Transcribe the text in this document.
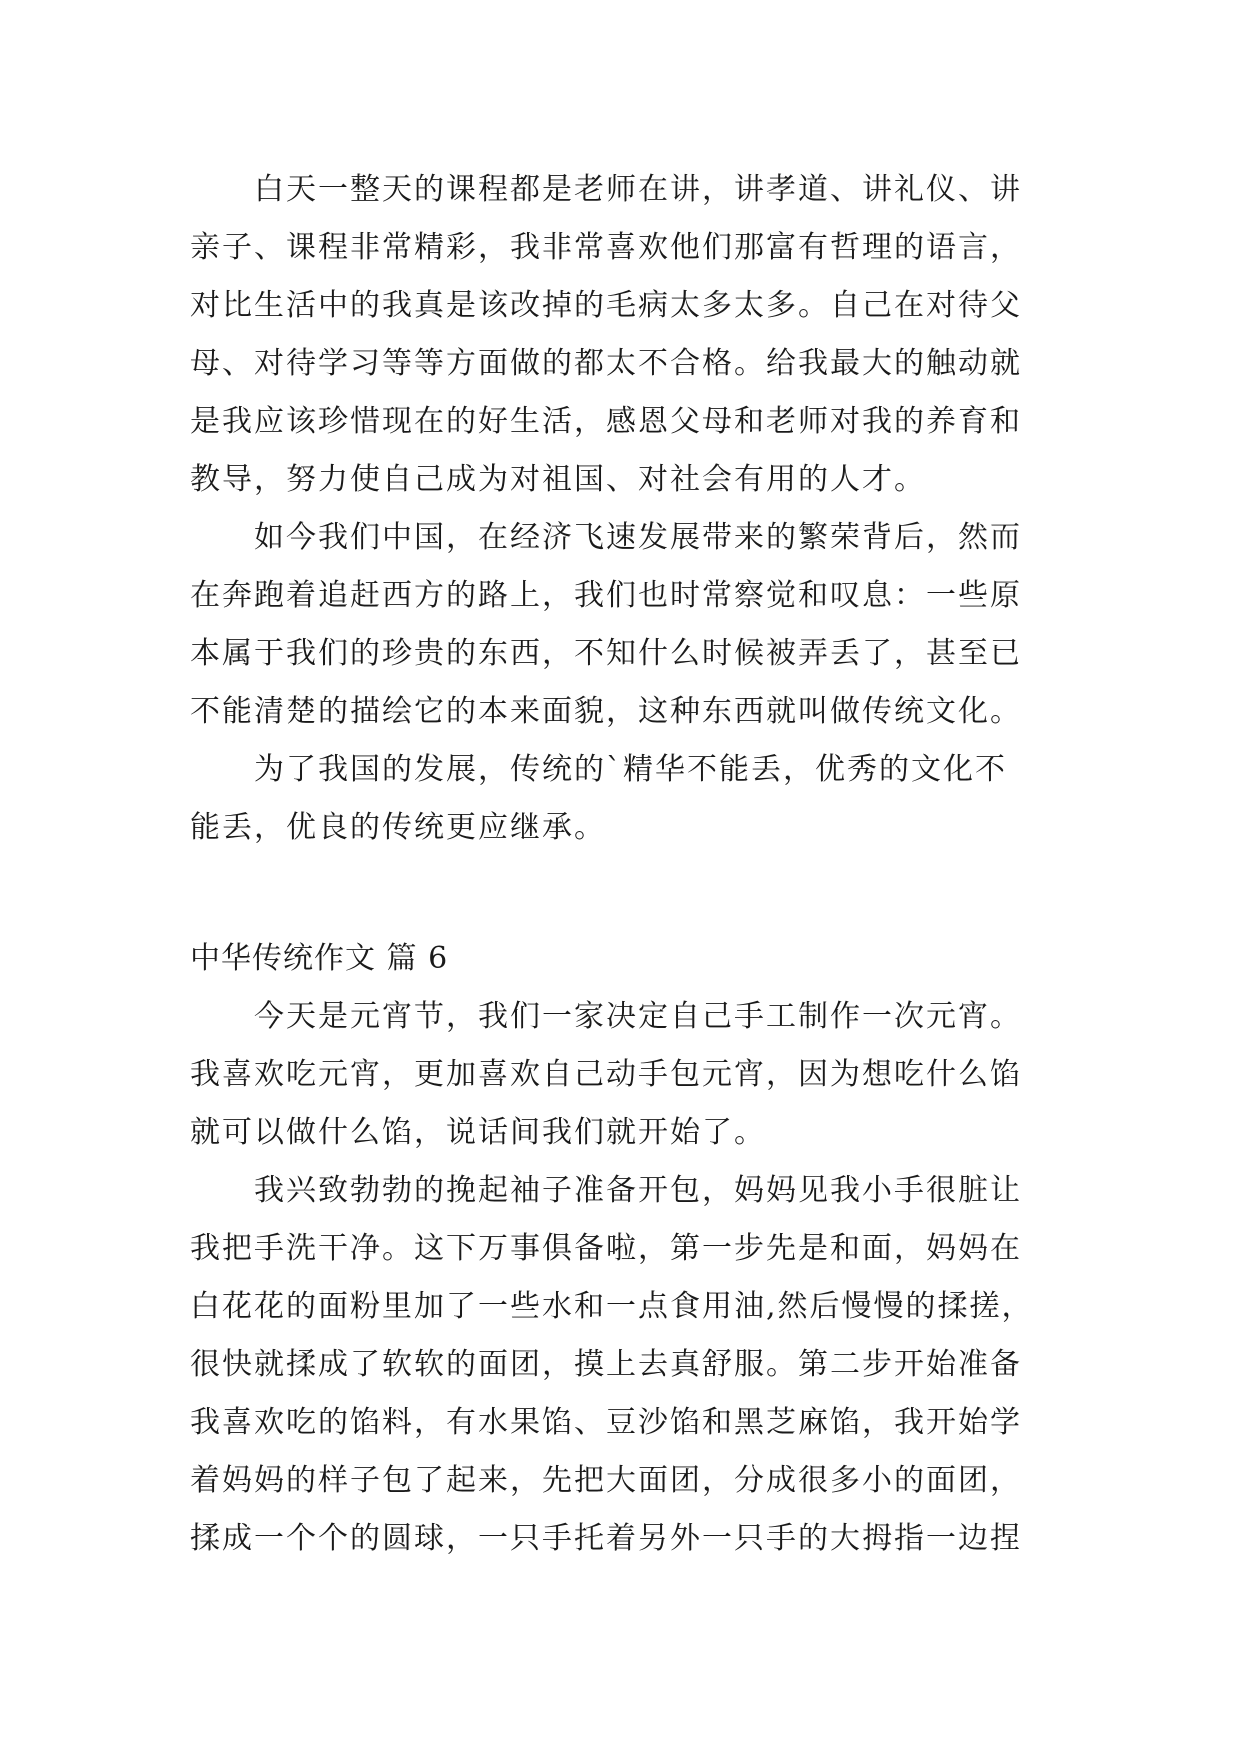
　　白天一整天的课程都是老师在讲，讲孝道、讲礼仪、讲
亲子、课程非常精彩，我非常喜欢他们那富有哲理的语言，
对比生活中的我真是该改掉的毛病太多太多。自己在对待父
母、对待学习等等方面做的都太不合格。给我最大的触动就
是我应该珍惜现在的好生活，感恩父母和老师对我的养育和
教导，努力使自己成为对祖国、对社会有用的人才。
　　如今我们中国，在经济飞速发展带来的繁荣背后，然而
在奔跑着追赶西方的路上，我们也时常察觉和叹息：一些原
本属于我们的珍贵的东西，不知什么时候被弄丢了，甚至已
不能清楚的描绘它的本来面貌，这种东西就叫做传统文化。
　　为了我国的发展，传统的`精华不能丢，优秀的文化不
能丢，优良的传统更应继承。
中华传统作文 篇 6
　　今天是元宵节，我们一家决定自己手工制作一次元宵。
我喜欢吃元宵，更加喜欢自己动手包元宵，因为想吃什么馅
就可以做什么馅，说话间我们就开始了。
　　我兴致勃勃的挽起袖子准备开包，妈妈见我小手很脏让
我把手洗干净。这下万事俱备啦，第一步先是和面，妈妈在
白花花的面粉里加了一些水和一点食用油,然后慢慢的揉搓，
很快就揉成了软软的面团，摸上去真舒服。第二步开始准备
我喜欢吃的馅料，有水果馅、豆沙馅和黑芝麻馅，我开始学
着妈妈的样子包了起来，先把大面团，分成很多小的面团，
揉成一个个的圆球，一只手托着另外一只手的大拇指一边捏
